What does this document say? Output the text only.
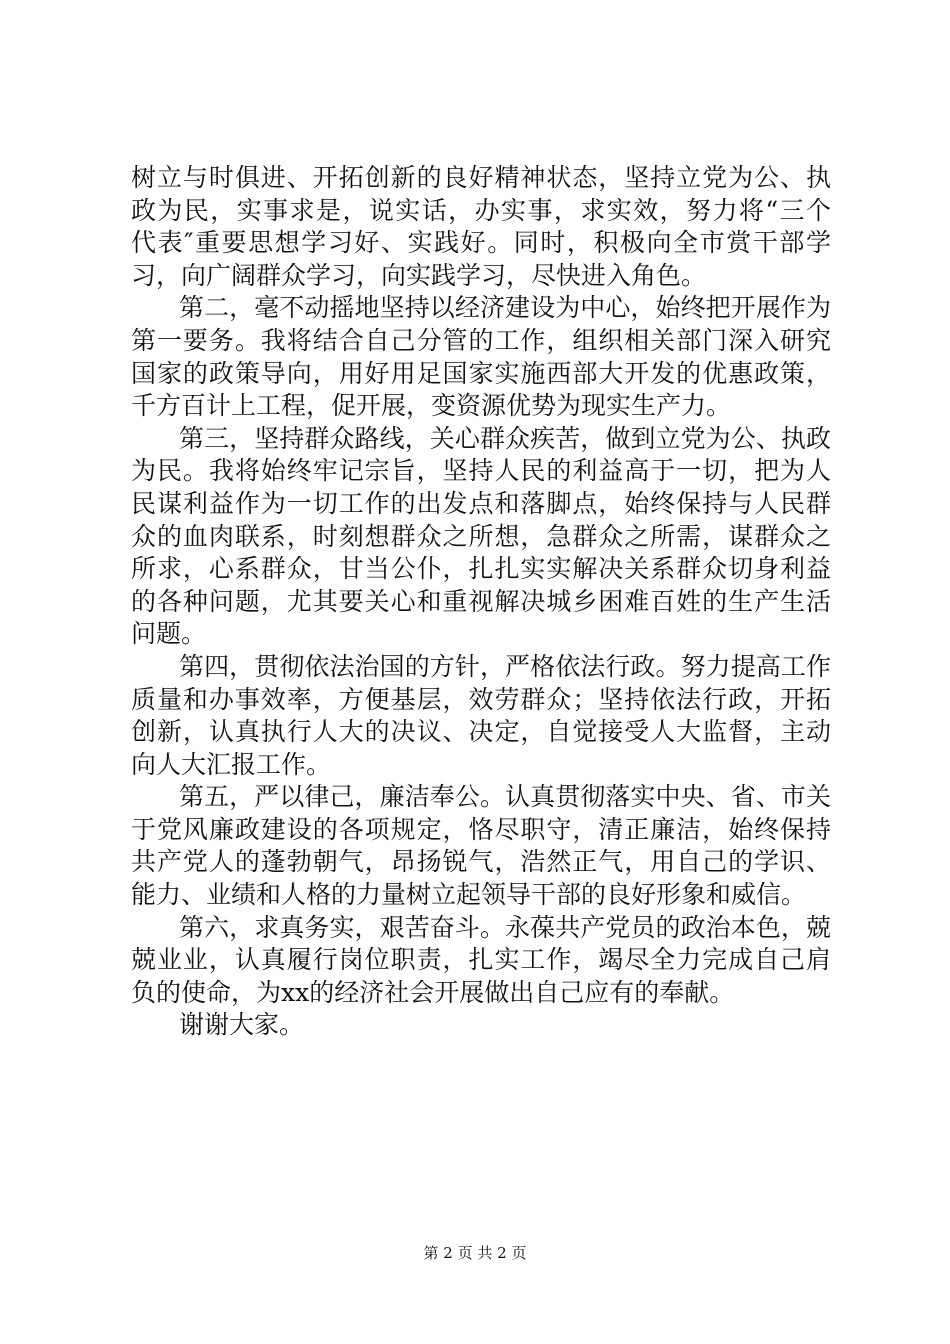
树立与时俱进、开拓创新的良好精神状态，坚持立党为公、执
政为民，实事求是，说实话，办实事，求实效，努力将“三个
代表″重要思想学习好、实践好。同时，积极向全市赏干部学
习，向广阔群众学习，向实践学习，尽快进入角色。
第二，毫不动摇地坚持以经济建设为中心，始终把开展作为
第一要务。我将结合自己分管的工作，组织相关部门深入研究
国家的政策导向，用好用足国家实施西部大开发的优惠政策，
千方百计上工程，促开展，变资源优势为现实生产力。
第三，坚持群众路线，关心群众疾苦，做到立党为公、执政
为民。我将始终牢记宗旨，坚持人民的利益高于一切，把为人
民谋利益作为一切工作的出发点和落脚点，始终保持与人民群
众的血肉联系，时刻想群众之所想，急群众之所需，谋群众之
所求，心系群众，甘当公仆，扎扎实实解决关系群众切身利益
的各种问题，尤其要关心和重视解决城乡困难百姓的生产生活
问题。
第四，贯彻依法治国的方针，严格依法行政。努力提高工作
质量和办事效率，方便基层，效劳群众；坚持依法行政，开拓
创新，认真执行人大的决议、决定，自觉接受人大监督，主动
向人大汇报工作。
第五，严以律己，廉洁奉公。认真贯彻落实中央、省、市关
于党风廉政建设的各项规定，恪尽职守，清正廉洁，始终保持
共产党人的蓬勃朝气，昂扬锐气，浩然正气，用自己的学识、
能力、业绩和人格的力量树立起领导干部的良好形象和威信。
第六，求真务实，艰苦奋斗。永葆共产党员的政治本色，兢
兢业业，认真履行岗位职责，扎实工作，竭尽全力完成自己肩
负的使命，为xx的经济社会开展做出自己应有的奉献。
谢谢大家。
第 2 页 共 2 页
